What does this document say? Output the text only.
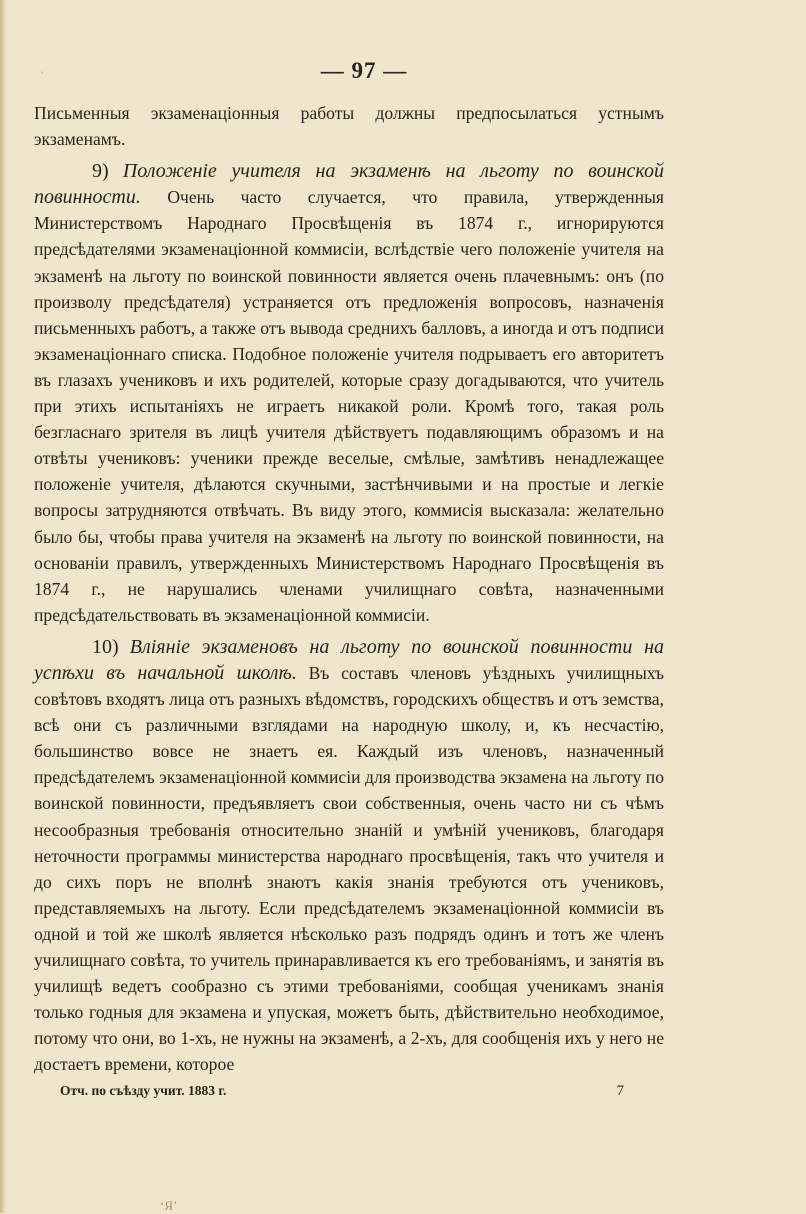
ˌ	— 97 —

Письменныя экзаменаціонныя работы должны предпосылаться устнымъ экзаменамъ.

9) Положеніе учителя на экзаменѣ на льготу по воинской повинности. Очень часто случается, что правила, утвержденныя Министерствомъ Народнаго Просвѣщенія въ 1874 г., игнорируются предсѣдателями экзаменаціонной коммисіи, вслѣдствіе чего положеніе учителя на экзаменѣ на льготу по воинской повинности является очень плачевнымъ: онъ (по произволу предсѣдателя) устраняется отъ предложенія вопросовъ, назначенія письменныхъ работъ, а также отъ вывода среднихъ балловъ, а иногда и отъ подписи экзаменаціоннаго списка. Подобное положеніе учителя подрываетъ его авторитетъ въ глазахъ учениковъ и ихъ родителей, которые сразу догадываются, что учитель при этихъ испытаніяхъ не играетъ никакой роли. Кромѣ того, такая роль безгласнаго зрителя въ лицѣ учителя дѣйствуетъ подавляющимъ образомъ и на отвѣты учениковъ: ученики прежде веселые, смѣлые, замѣтивъ ненадлежащее положеніе учителя, дѣлаются скучными, застѣнчивыми и на простые и легкіе вопросы затрудняются отвѣчать. Въ виду этого, коммисія высказала: желательно было бы, чтобы права учителя на экзаменѣ на льготу по воинской повинности, на основаніи правилъ, утвержденныхъ Министерствомъ Народнаго Просвѣщенія въ 1874 г., не нарушались членами училищнаго совѣта, назначенными предсѣдательствовать въ экзаменаціонной коммисіи.

10) Вліяніе экзаменовъ на льготу по воинской повинности на успѣхи въ начальной школѣ. Въ составъ членовъ уѣздныхъ училищныхъ совѣтовъ входятъ лица отъ разныхъ вѣдомствъ, городскихъ обществъ и отъ земства, всѣ они съ различными взглядами на народную школу, и, къ несчастію, большинство вовсе не знаетъ ея. Каждый изъ членовъ, назначенный предсѣдателемъ экзаменаціонной коммисіи для производства экзамена на льготу по воинской повинности, предъявляетъ свои собственныя, очень часто ни съ чѣмъ несообразныя требованія относительно знаній и умѣній учениковъ, благодаря неточности программы министерства народнаго просвѣщенія, такъ что учителя и до сихъ поръ не вполнѣ знаютъ какія знанія требуются отъ учениковъ, представляемыхъ на льготу. Если предсѣдателемъ экзаменаціонной коммисіи въ одной и той же школѣ является нѣсколько разъ подрядъ одинъ и тотъ же членъ училищнаго совѣта, то учитель принаравливается къ его требованіямъ, и занятія въ училищѣ ведетъ сообразно съ этими требованіями, сообщая ученикамъ знанія только годныя для экзамена и упуская, можетъ быть, дѣйствительно необходимое, потому что они, во 1-хъ, не нужны на экзаменѣ, а 2-хъ, для сообщенія ихъ у него не достаетъ времени, которое

Отч. по съѣзду учит. 1883 г.	7
ʻЯʼ
